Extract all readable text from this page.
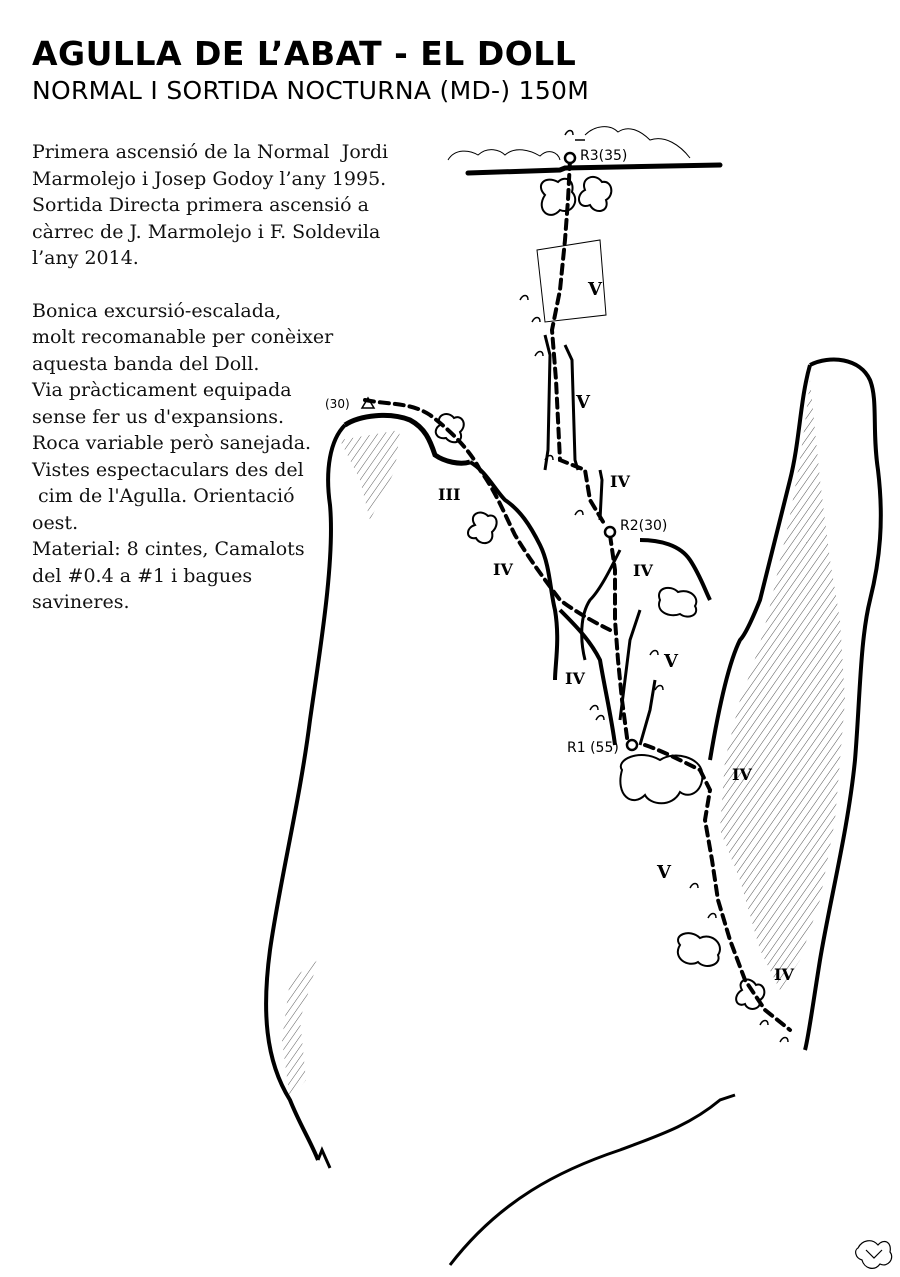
AGULLA DE L’ABAT - EL DOLL
NORMAL I SORTIDA NOCTURNA (MD-) 150M

Primera ascensió de la Normal  Jordi

Marmolejo i Josep Godoy l’any 1995.

Sortida Directa primera ascensió a

càrrec de J. Marmolejo i F. Soldevila

l’any 2014.

Bonica excursió-escalada,

molt recomanable per conèixer

aquesta banda del Doll.

Via pràcticament equipada

sense fer us d'expansions.

Roca variable però sanejada.

Vistes espectaculars des del

cim de l'Agulla. Orientació

oest.

Material: 8 cintes, Camalots

del #0.4 a #1 i bagues

savineres.

R3(35)
R2(30)
R1 (55)
(30)
V
V
IV
III
IV	IV
IV
V
IV
V
IV
